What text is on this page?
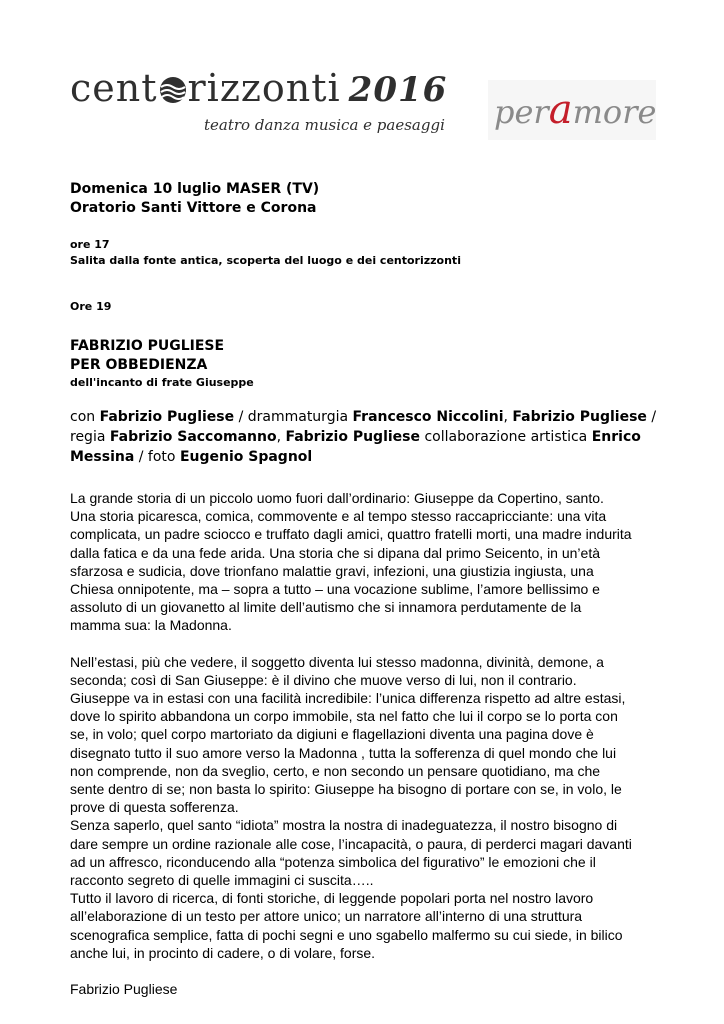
cent rizzonti 2016
teatro danza musica e paesaggi peramore

Domenica 10 luglio MASER (TV)

Oratorio Santi Vittore e Corona

ore 17

Salita dalla fonte antica, scoperta del luogo e dei centorizzonti

Ore 19

FABRIZIO PUGLIESE

PER OBBEDIENZA

dell'incanto di frate Giuseppe

con Fabrizio Pugliese / drammaturgia Francesco Niccolini, Fabrizio Pugliese / regia Fabrizio Saccomanno, Fabrizio Pugliese collaborazione artistica Enrico Messina / foto Eugenio Spagnol

La grande storia di un piccolo uomo fuori dall’ordinario: Giuseppe da Copertino, santo.
Una storia picaresca, comica, commovente e al tempo stesso raccapricciante: una vita
complicata, un padre sciocco e truffato dagli amici, quattro fratelli morti, una madre indurita
dalla fatica e da una fede arida. Una storia che si dipana dal primo Seicento, in un’età
sfarzosa e sudicia, dove trionfano malattie gravi, infezioni, una giustizia ingiusta, una
Chiesa onnipotente, ma – sopra a tutto – una vocazione sublime, l’amore bellissimo e
assoluto di un giovanetto al limite dell’autismo che si innamora perdutamente de la
mamma sua: la Madonna.
Nell’estasi, più che vedere, il soggetto diventa lui stesso madonna, divinità, demone, a
seconda; così di San Giuseppe: è il divino che muove verso di lui, non il contrario.
Giuseppe va in estasi con una facilità incredibile: l’unica differenza rispetto ad altre estasi,
dove lo spirito abbandona un corpo immobile, sta nel fatto che lui il corpo se lo porta con
se, in volo; quel corpo martoriato da digiuni e flagellazioni diventa una pagina dove è
disegnato tutto il suo amore verso la Madonna , tutta la sofferenza di quel mondo che lui
non comprende, non da sveglio, certo, e non secondo un pensare quotidiano, ma che
sente dentro di se; non basta lo spirito: Giuseppe ha bisogno di portare con se, in volo, le
prove di questa sofferenza.
Senza saperlo, quel santo “idiota” mostra la nostra di inadeguatezza, il nostro bisogno di
dare sempre un ordine razionale alle cose, l’incapacità, o paura, di perderci magari davanti
ad un affresco, riconducendo alla “potenza simbolica del figurativo” le emozioni che il
racconto segreto di quelle immagini ci suscita…..
Tutto il lavoro di ricerca, di fonti storiche, di leggende popolari porta nel nostro lavoro
all’elaborazione di un testo per attore unico; un narratore all’interno di una struttura
scenografica semplice, fatta di pochi segni e uno sgabello malfermo su cui siede, in bilico
anche lui, in procinto di cadere, o di volare, forse.

Fabrizio Pugliese
